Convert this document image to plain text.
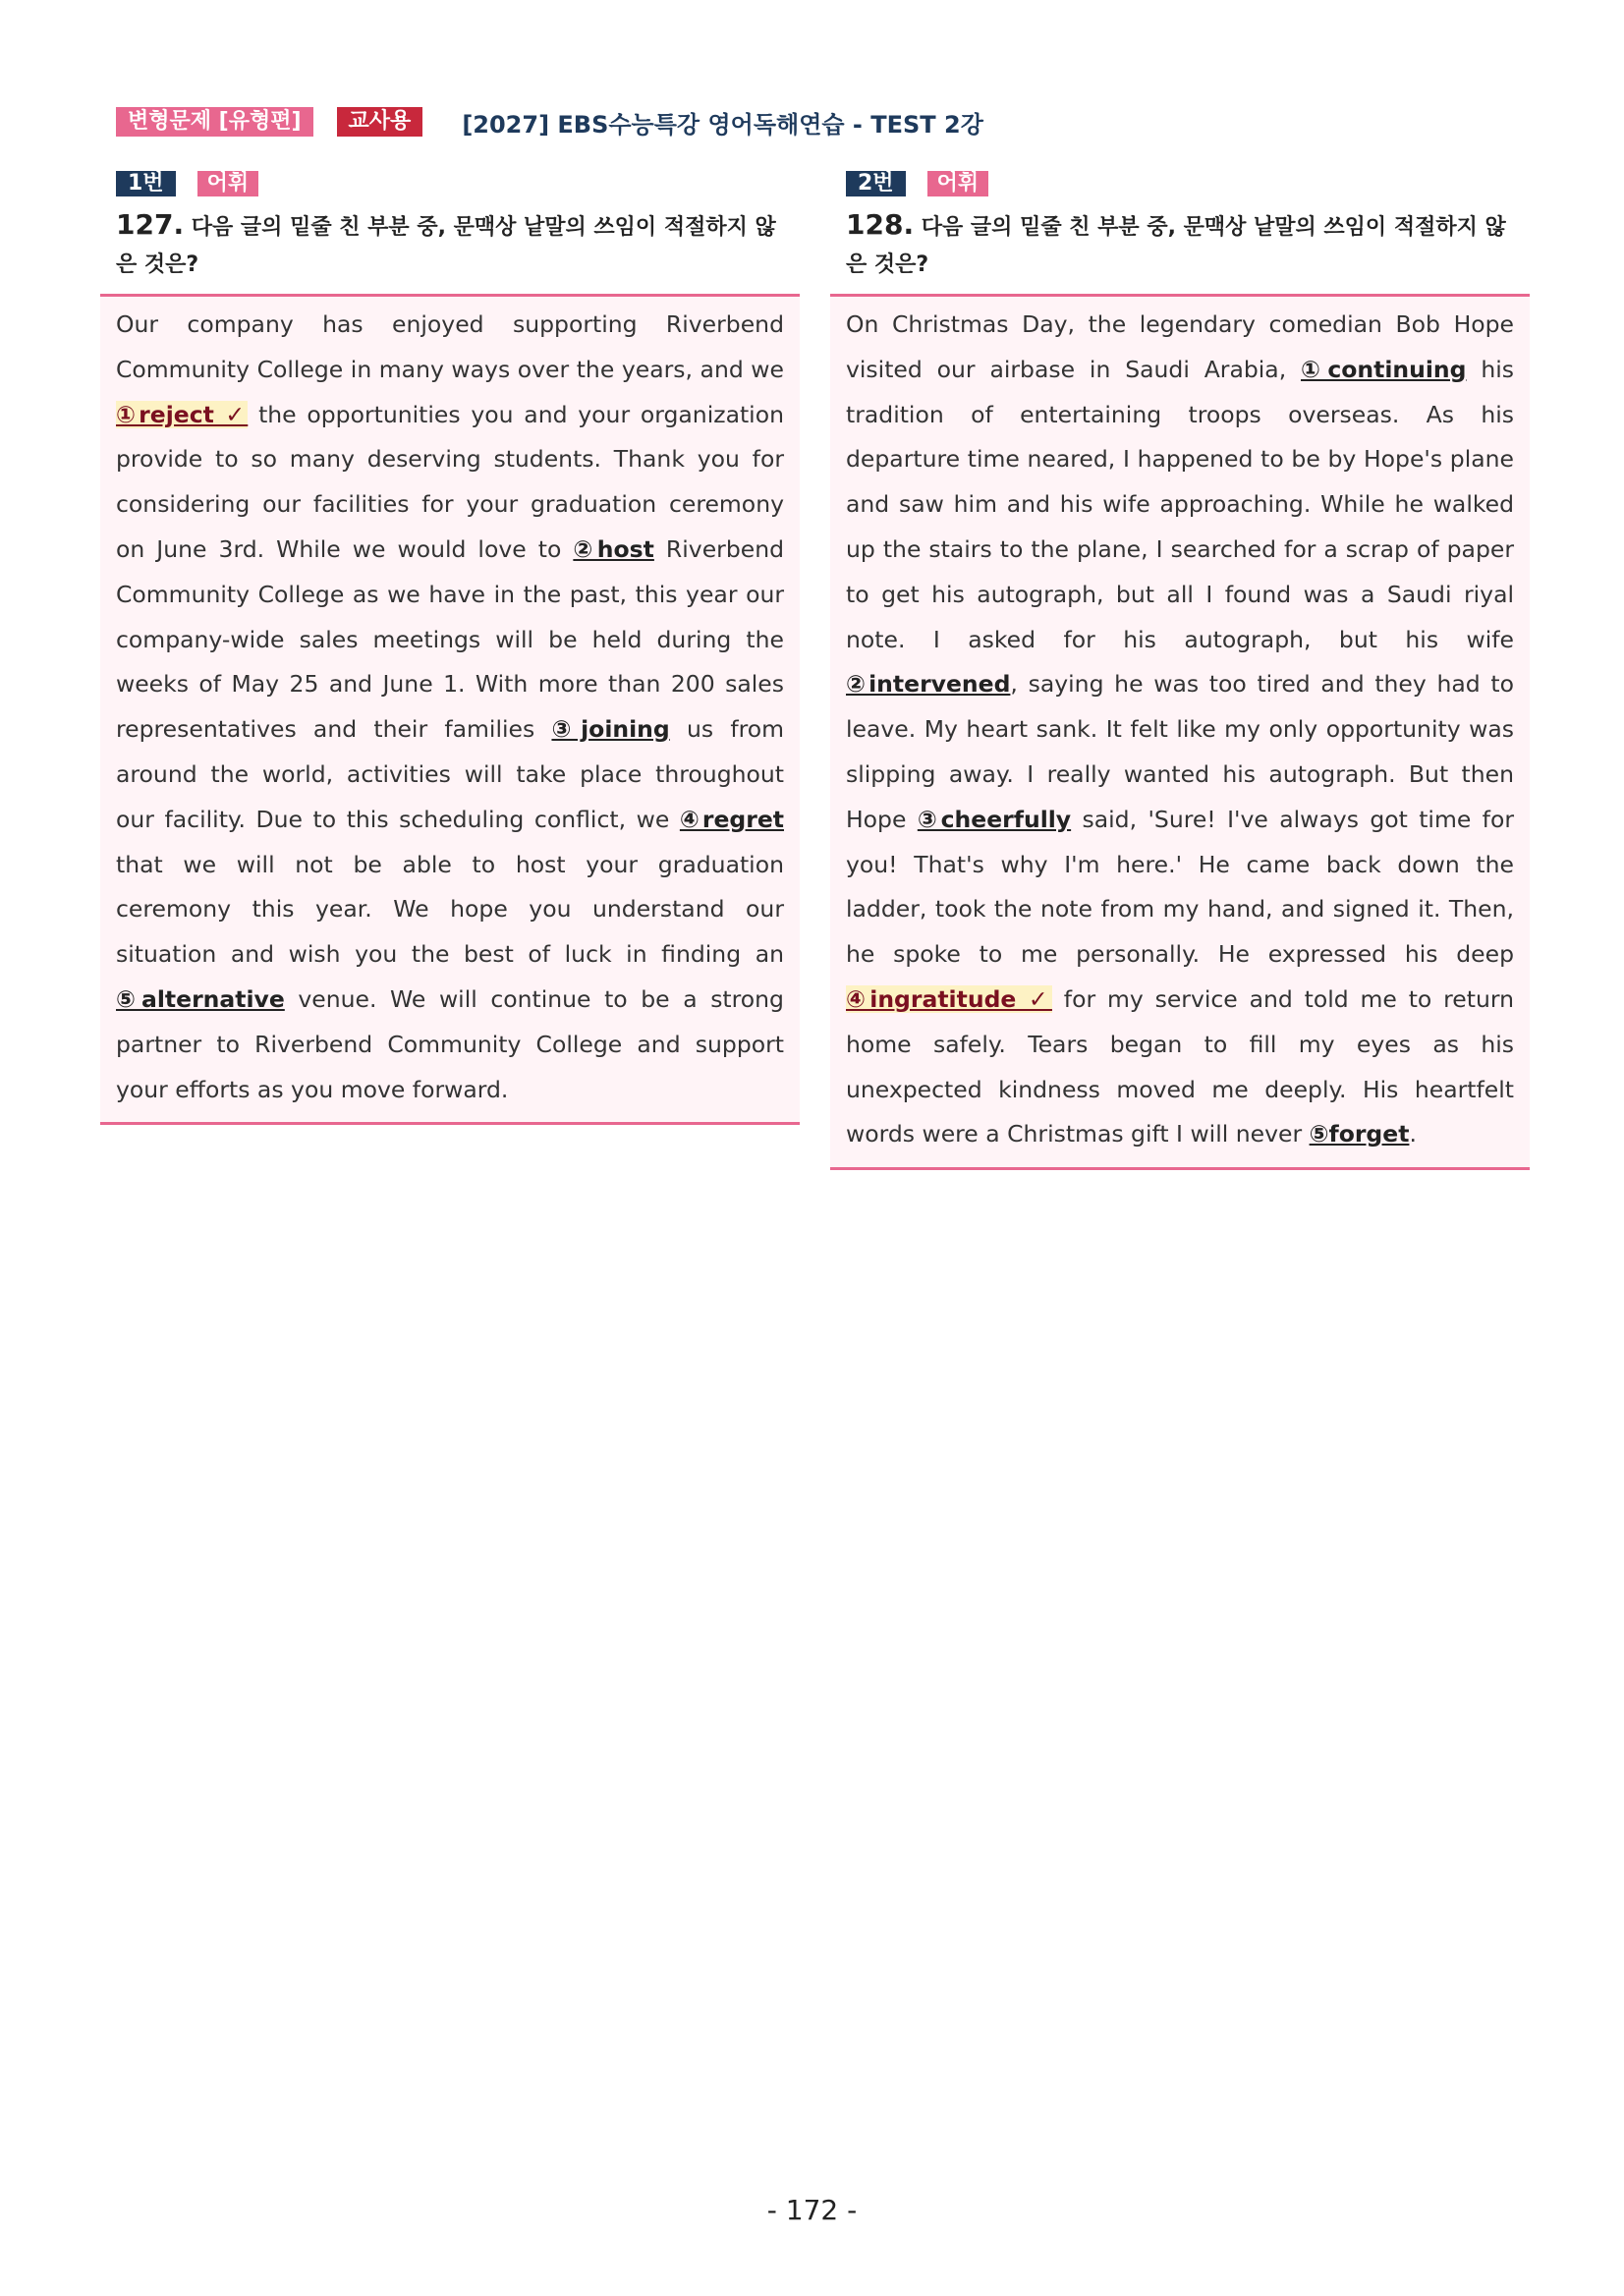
변형문제 [유형편]	교사용	[2027] EBS수능특강 영어독해연습 - TEST 2강
1번	어휘
127. 다음 글의 밑줄 친 부분 중, 문맥상 낱말의 쓰임이 적절하지 않은 것은?
Our company has enjoyed supporting Riverbend Community College in many ways over the years, and we ①reject ✓ the opportunities you and your organization provide to so many deserving students. Thank you for considering our facilities for your graduation ceremony on June 3rd. While we would love to ②host Riverbend Community College as we have in the past, this year our company-wide sales meetings will be held during the weeks of May 25 and June 1. With more than 200 sales representatives and their families ③joining us from around the world, activities will take place throughout our facility. Due to this scheduling conflict, we ④regret that we will not be able to host your graduation ceremony this year. We hope you understand our situation and wish you the best of luck in finding an ⑤alternative venue. We will continue to be a strong partner to Riverbend Community College and support your efforts as you move forward.
2번	어휘
128. 다음 글의 밑줄 친 부분 중, 문맥상 낱말의 쓰임이 적절하지 않은 것은?
On Christmas Day, the legendary comedian Bob Hope visited our airbase in Saudi Arabia, ①continuing his tradition of entertaining troops overseas. As his departure time neared, I happened to be by Hope's plane and saw him and his wife approaching. While he walked up the stairs to the plane, I searched for a scrap of paper to get his autograph, but all I found was a Saudi riyal note. I asked for his autograph, but his wife ②intervened, saying he was too tired and they had to leave. My heart sank. It felt like my only opportunity was slipping away. I really wanted his autograph. But then Hope ③cheerfully said, 'Sure! I've always got time for you! That's why I'm here.' He came back down the ladder, took the note from my hand, and signed it. Then, he spoke to me personally. He expressed his deep ④ingratitude ✓ for my service and told me to return home safely. Tears began to fill my eyes as his unexpected kindness moved me deeply. His heartfelt words were a Christmas gift I will never ⑤forget.
- 172 -
